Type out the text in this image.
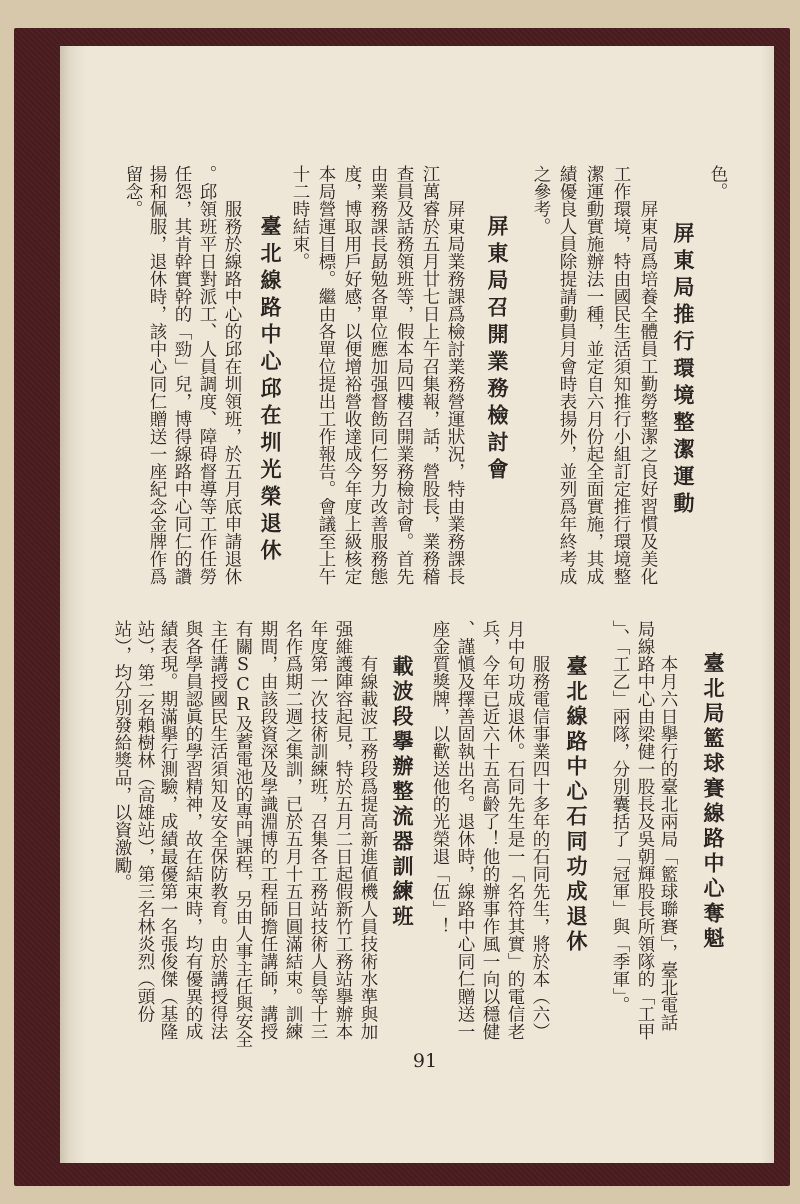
色。
屏東局推行環境整潔運動
屏東局爲培養全體員工勤勞整潔之良好習慣及美化
工作環境，特由國民生活須知推行小組訂定推行環境整
潔運動實施辦法一種，並定自六月份起全面實施，其成
績優良人員除提請動員月會時表揚外，並列爲年終考成
之參考。
屏東局召開業務檢討會
屏東局業務課爲檢討業務營運狀況，特由業務課長
江萬睿於五月廿七日上午召集報，話，營股長，業務稽
查員及話務領班等，假本局四樓召開業務檢討會。首先
由業務課長勗勉各單位應加强督飭同仁努力改善服務態
度，博取用戶好感，以便增裕營收達成今年度上級核定
本局營運目標。繼由各單位提出工作報告。會議至上午
十二時結束。
臺北線路中心邱在圳光榮退休
服務於線路中心的邱在圳領班，於五月底申請退休
。邱領班平日對派工、人員調度、障碍督導等工作任勞
任怨，其肯幹實幹的「勁」兒，博得線路中心同仁的讚
揚和佩服，退休時，該中心同仁贈送一座紀念金牌作爲
留念。
臺北局籃球賽線路中心奪魁
本月六日擧行的臺北兩局「籃球聯賽」，臺北電話
局線路中心由梁健一股長及吳朝輝股長所領隊的「工甲
」、「工乙」兩隊，分別囊括了「冠軍」與「季軍」。
臺北線路中心石同功成退休
服務電信事業四十多年的石同先生，將於本（六）
月中旬功成退休。石同先生是一「名符其實」的電信老
兵，今年已近六十五高齡了！他的辦事作風一向以穩健
、謹愼及擇善固執出名。退休時，線路中心同仁贈送一
座金質獎牌，以歡送他的光榮退「伍」！
載波段擧辦整流器訓練班
有線載波工務段爲提高新進値機人員技術水準與加
强維護陣容起見，特於五月二日起假新竹工務站擧辦本
年度第一次技術訓練班，召集各工務站技術人員等十三
名作爲期二週之集訓，已於五月十五日圓滿結束。訓練
期間，由該段資深及學識淵博的工程師擔任講師，講授
有關SCR及蓄電池的專門課程，另由人事主任與安全
主任講授國民生活須知及安全保防教育。由於講授得法
與各學員認眞的學習精神，故在結束時，均有優異的成
績表現。期滿擧行測驗，成績最優第一名張俊傑（基隆
站），第二名賴樹林（高雄站），第三名林炎烈（頭份
站），均分別發給獎品，以資激勵。
91
